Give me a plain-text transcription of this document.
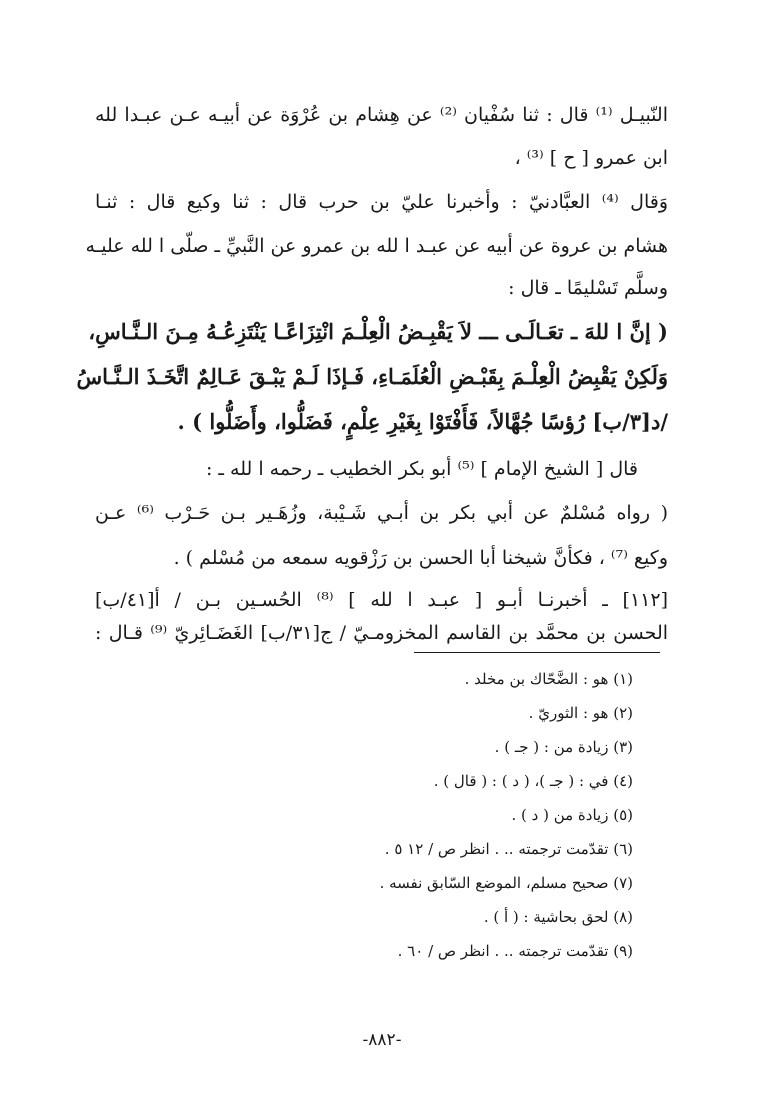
النّبيـل ⁽¹⁾ قال : ثنا سُفْيان ⁽²⁾ عن هِشام بن عُرْوَة عن أبيـه عـن عبـدا لله
ابن عمرو [ ح ] ⁽³⁾ ،
وَقال ⁽⁴⁾ العبَّادنيّ : وأخبرنا عليّ بن حرب قال : ثنا وكيع قال : ثنـا
هشام بن عروة عن أبيه عن عبـد ا لله بن عمرو عن النَّبيِّ ـ صلّى ا لله عليـه
وسلَّم تَسْليمًا ـ قال :
( إنَّ ا للهَ ـ تعَـالَـى ـــ لاَ يَقْبِـضُ الْعِلْـمَ انْتِزَاعًـا يَنْتَزِعُـهُ مِـنَ الـنَّـاسِ،
وَلَكِنْ يَقْبِضُ الْعِلْـمَ بِقَبْـضِ الْعُلَمَـاءِ، فَـإذَا لَـمْ يَبْـقَ عَـالِمٌ اتَّخَـذَ الـنَّـاسُ
/د[٣/ب] رُؤسًا جُهَّالاً، فَأَفْتَوْا بِغَيْرِ عِلْمٍ، فَضَلُّوا، وأَضَلُّوا ) .
قال [ الشيخ الإمام ] ⁽⁵⁾ أبو بكر الخطيب ـ رحمه ا لله ـ :
( رواه مُسْلمٌ عن أبي بكر بن أبـي شَـيْبة، وزُهَـير بـن حَـرْب ⁽⁶⁾ عـن
وكيع ⁽⁷⁾ ، فكأنَّ شيخنا أبا الحسن بن رَزْقويه سمعه من مُسْلم ) .
[١١٢] ـ أخبرنـا أبـو [ عبـد ا لله ] ⁽⁸⁾ الحُسـين بـن / أ[٤١/ب]
الحسن بن محمَّد بن القاسم المخزومـيّ / ج[٣١/ب] الغَضَـائِريّ ⁽⁹⁾ قـال :
(١) هو : الضَّحّاك بن مخلد .
(٢) هو : الثوريّ .
(٣) زيادة من : ( جـ ) .
(٤) في : ( جـ )، ( د ) : ( قال ) .
(٥) زيادة من ( د ) .
(٦) تقدّمت ترجمته .. . انظر ص / ١٢ ٥ .
(٧) صحيح مسلم، الموضع السّابق نفسه .
(٨) لحق بحاشية : ( أ ) .
(٩) تقدّمت ترجمته .. . انظر ص / ٦٠ .
-٨٨٢-
